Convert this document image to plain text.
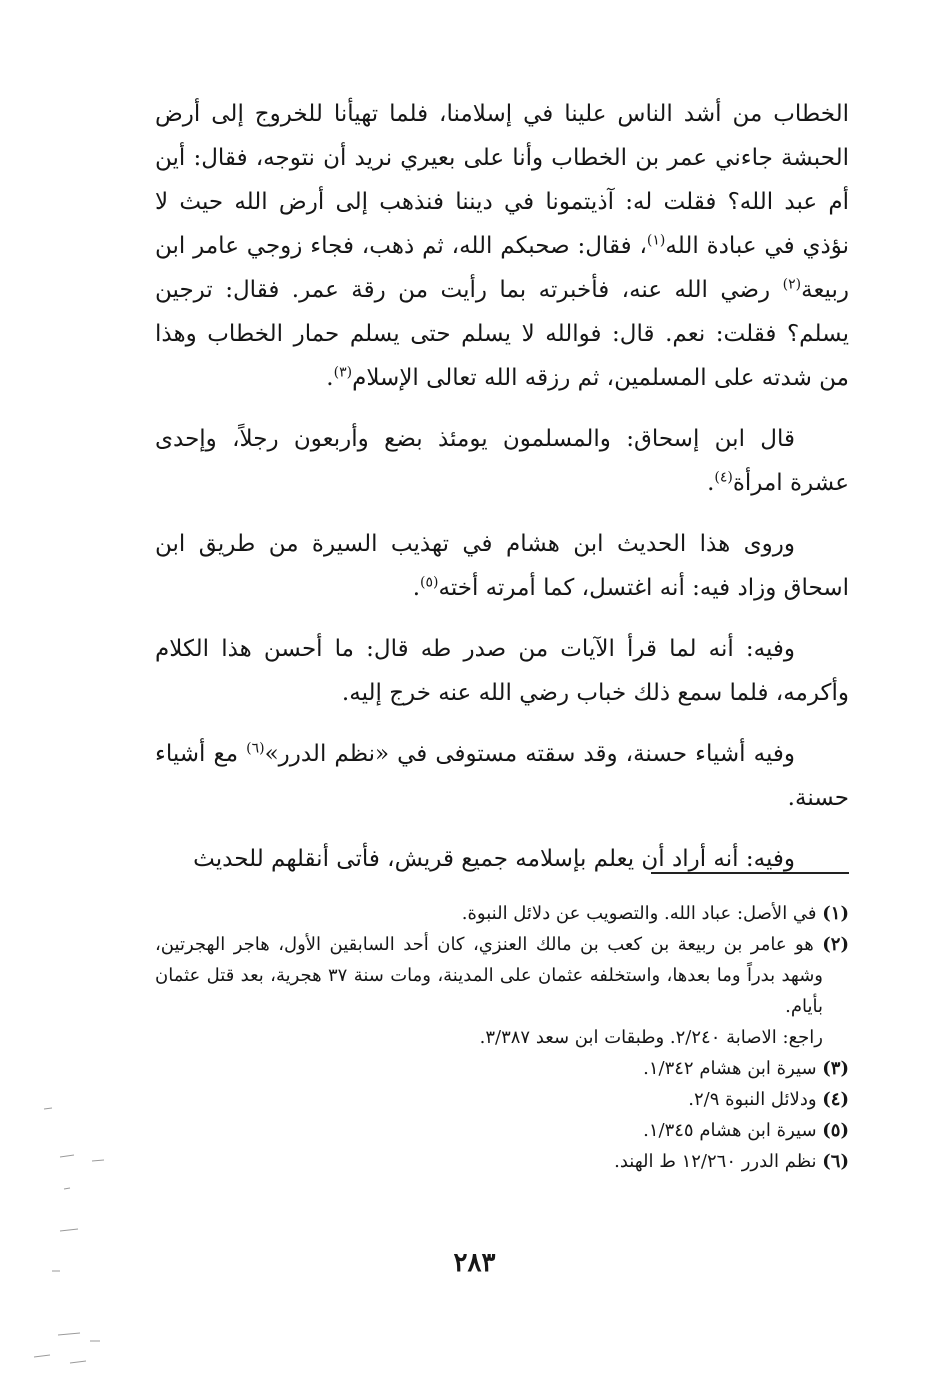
الخطاب من أشد الناس علينا في إسلامنا، فلما تهيأنا للخروج إلى أرض الحبشة جاءني عمر بن الخطاب وأنا على بعيري نريد أن نتوجه، فقال: أين أم عبد الله؟ فقلت له: آذيتمونا في ديننا فنذهب إلى أرض الله حيث لا نؤذي في عبادة الله$^{(١)}$، فقال: صحبكم الله، ثم ذهب، فجاء زوجي عامر ابن ربيعة$^{(٢)}$ رضي الله عنه، فأخبرته بما رأيت من رقة عمر. فقال: ترجين يسلم؟ فقلت: نعم. قال: فوالله لا يسلم حتى يسلم حمار الخطاب وهذا من شدته على المسلمين، ثم رزقه الله تعالى الإسلام$^{(٣)}$.

قال ابن إسحاق: والمسلمون يومئذ بضع وأربعون رجلاً، وإحدى عشرة امرأة$^{(٤)}$.

وروى هذا الحديث ابن هشام في تهذيب السيرة من طريق ابن اسحاق وزاد فيه: أنه اغتسل، كما أمرته أخته$^{(٥)}$.

وفيه: أنه لما قرأ الآيات من صدر طه قال: ما أحسن هذا الكلام وأكرمه، فلما سمع ذلك خباب رضي الله عنه خرج إليه.

وفيه أشياء حسنة، وقد سقته مستوفى في «نظم الدرر»$^{(٦)}$ مع أشياء حسنة.

وفيه: أنه أراد أن يعلم بإسلامه جميع قريش، فأتى أنقلهم للحديث

(١) في الأصل: عباد الله. والتصويب عن دلائل النبوة.

(٢) هو عامر بن ربيعة بن كعب بن مالك العنزي، كان أحد السابقين الأول، هاجر الهجرتين، وشهد بدراً وما بعدها، واستخلفه عثمان على المدينة، ومات سنة ٣٧ هجرية، بعد قتل عثمان بأيام.

راجع: الاصابة ٢/٢٤٠. وطبقات ابن سعد ٣/٣٨٧.

(٣) سيرة ابن هشام ١/٣٤٢.

(٤) ودلائل النبوة ٢/٩.

(٥) سيرة ابن هشام ١/٣٤٥.

(٦) نظم الدرر ١٢/٢٦٠ ط الهند.

٢٨٣
